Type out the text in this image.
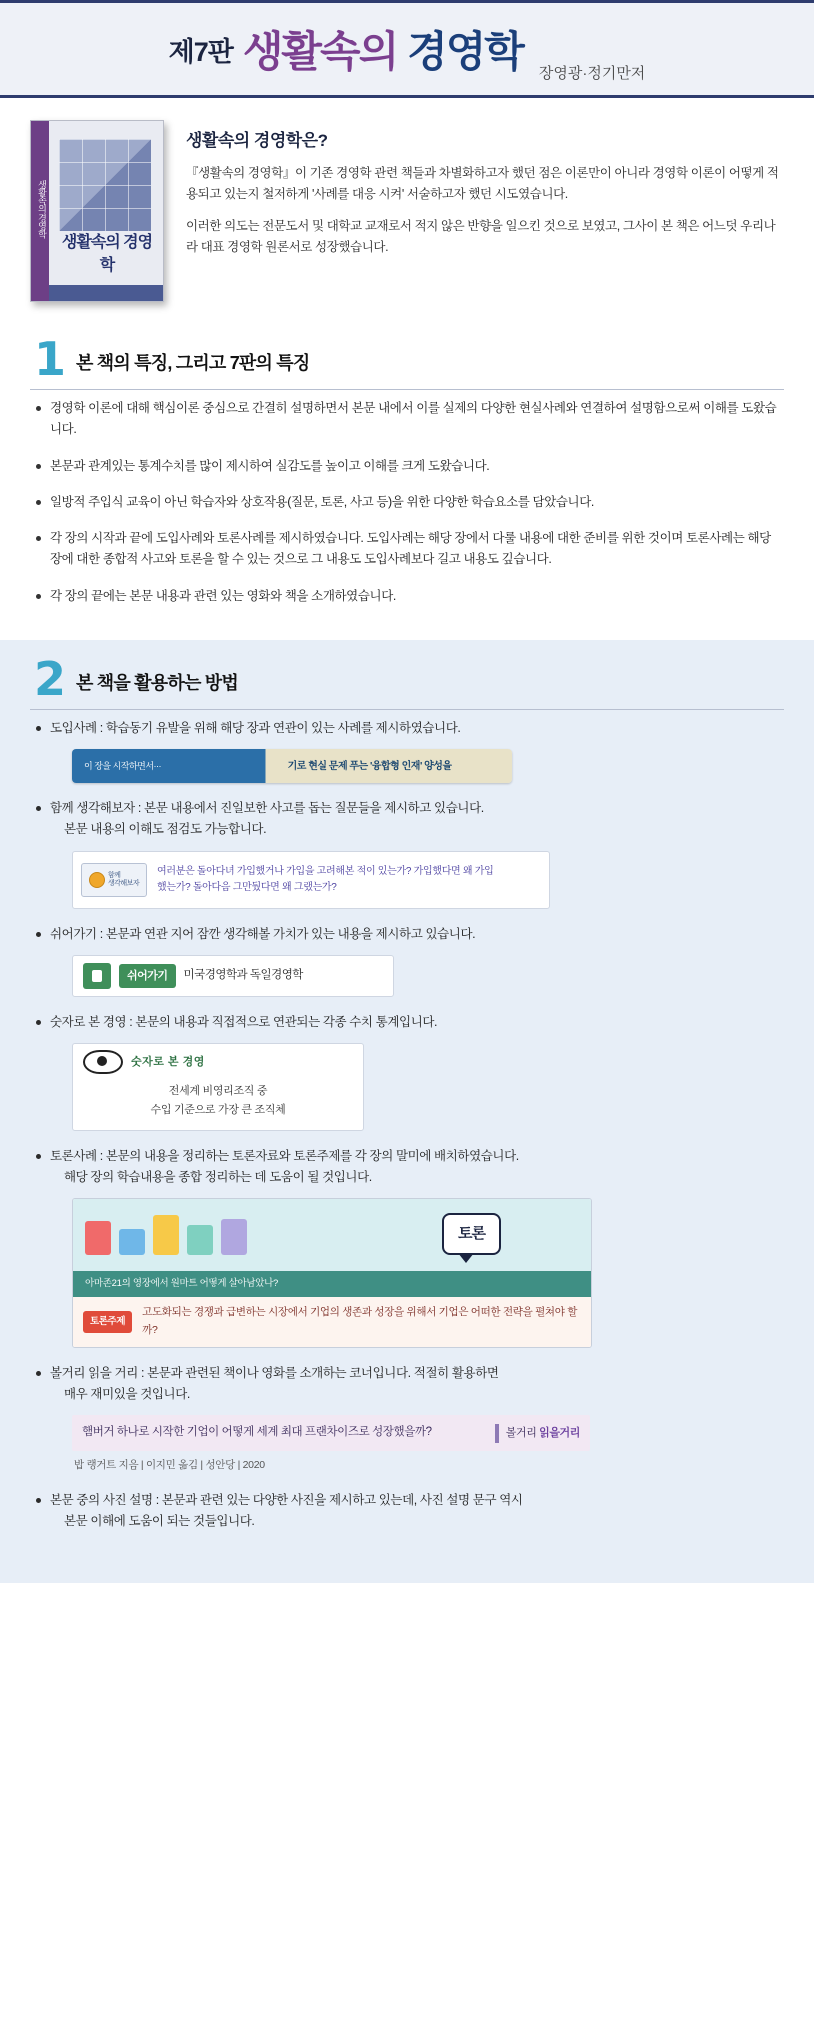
제7판 생활속의 경영학 장영광·정기만저
생활속의 경영학
생활속의 경영학

생활속의 경영학은?

『생활속의 경영학』이 기존 경영학 관련 책들과 차별화하고자 했던 점은 이론만이 아니라 경영학 이론이 어떻게 적용되고 있는지 철저하게 '사례를 대응 시켜' 서술하고자 했던 시도였습니다.

이러한 의도는 전문도서 및 대학교 교재로서 적지 않은 반향을 일으킨 것으로 보였고, 그사이 본 책은 어느덧 우리나라 대표 경영학 원론서로 성장했습니다.

1 본 책의 특징, 그리고 7판의 특징
경영학 이론에 대해 핵심이론 중심으로 간결히 설명하면서 본문 내에서 이를 실제의 다양한 현실사례와 연결하여 설명함으로써 이해를 도왔습니다.
본문과 관계있는 통계수치를 많이 제시하여 실감도를 높이고 이해를 크게 도왔습니다.
일방적 주입식 교육이 아닌 학습자와 상호작용(질문, 토론, 사고 등)을 위한 다양한 학습요소를 담았습니다.
각 장의 시작과 끝에 도입사례와 토론사례를 제시하였습니다. 도입사례는 해당 장에서 다룰 내용에 대한 준비를 위한 것이며 토론사례는 해당 장에 대한 종합적 사고와 토론을 할 수 있는 것으로 그 내용도 도입사례보다 길고 내용도 깊습니다.
각 장의 끝에는 본문 내용과 관련 있는 영화와 책을 소개하였습니다.
2 본 책을 활용하는 방법
도입사례 : 학습동기 유발을 위해 해당 장과 연관이 있는 사례를 제시하였습니다.
이 장을 시작하면서···	기로 현실 문제 푸는 '융합형 인재' 양성을
함께 생각해보자 : 본문 내용에서 진일보한 사고를 돕는 질문들을 제시하고 있습니다.
본문 내용의 이해도 점검도 가능합니다.
함께
생각해보자
여러분은 돌아다녀 가입했거나 가입을 고려해본 적이 있는가? 가입했다면 왜 가입
했는가? 돌아다음 그만뒀다면 왜 그랬는가?
쉬어가기 : 본문과 연관 지어 잠깐 생각해볼 가치가 있는 내용을 제시하고 있습니다.
쉬어가기	미국경영학과 독일경영학
숫자로 본 경영 : 본문의 내용과 직접적으로 연관되는 각종 수치 통계입니다.
숫자로 본 경영
전세계 비영리조직 중
수입 기준으로 가장 큰 조직체
토론사례 : 본문의 내용을 정리하는 토론자료와 토론주제를 각 장의 말미에 배치하였습니다.
해당 장의 학습내용을 종합 정리하는 데 도움이 될 것입니다.
토론
아마존21의 영장에서 원마트 어떻게 살아남았나?
토론주제
고도화되는 경쟁과 급변하는 시장에서 기업의 생존과 성장을 위해서 기업은 어떠한 전략을 펼쳐야 할까?
볼거리 읽을 거리 : 본문과 관련된 책이나 영화를 소개하는 코너입니다. 적절히 활용하면
매우 재미있을 것입니다.
햄버거 하나로 시작한 기업이 어떻게 세계 최대 프랜차이즈로 성장했을까?	볼거리 읽을거리
밥 랭거트 지음 | 이지민 옮김 | 성안당 | 2020
본문 중의 사진 설명 : 본문과 관련 있는 다양한 사진을 제시하고 있는데, 사진 설명 문구 역시
본문 이해에 도움이 되는 것들입니다.
